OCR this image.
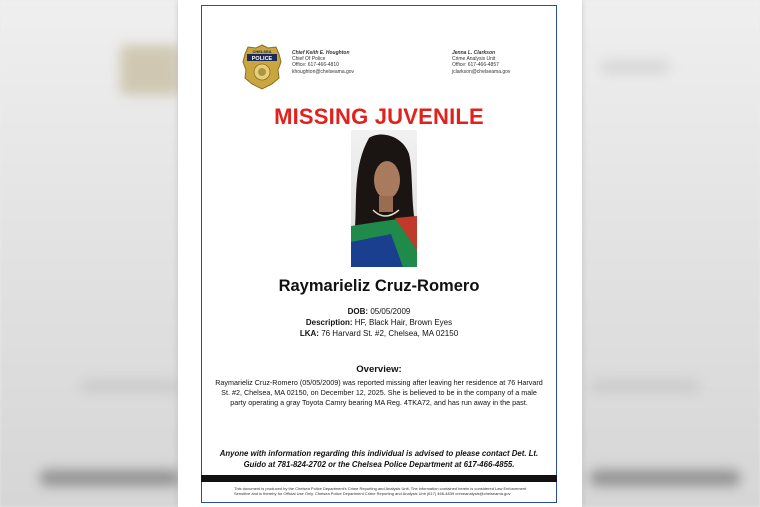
CHELSEA
POLICE
Chief Keith E. Houghton
Chief Of Police
Office: 617-466-4810
khoughton@chelseama.gov
Jenna L. Clarkson
Crime Analysis Unit
Office: 617-466-4857
jclarkson@chelseama.gov
MISSING JUVENILE
Raymarieliz Cruz-Romero
DOB: 05/05/2009
Description: HF, Black Hair, Brown Eyes
LKA: 76 Harvard St. #2, Chelsea, MA 02150
Overview:
Raymarieliz Cruz-Romero (05/05/2009) was reported missing after leaving her residence at 76 Harvard St. #2, Chelsea, MA 02150, on December 12, 2025. She is believed to be in the company of a male party operating a gray Toyota Camry bearing MA Reg. 4TKA72, and has run away in the past.
Anyone with information regarding this individual is advised to please contact Det. Lt. Guido at 781-824-2702 or the Chelsea Police Department at 617-466-4855.
This document is produced by the Chelsea Police Department's Crime Reporting and Analysis Unit. The information contained herein is considered Law Enforcement Sensitive and is thereby for Official Use Only. Chelsea Police Department Crime Reporting and Analysis Unit (617) 466-4839 crimeanalysis@chelseama.gov
